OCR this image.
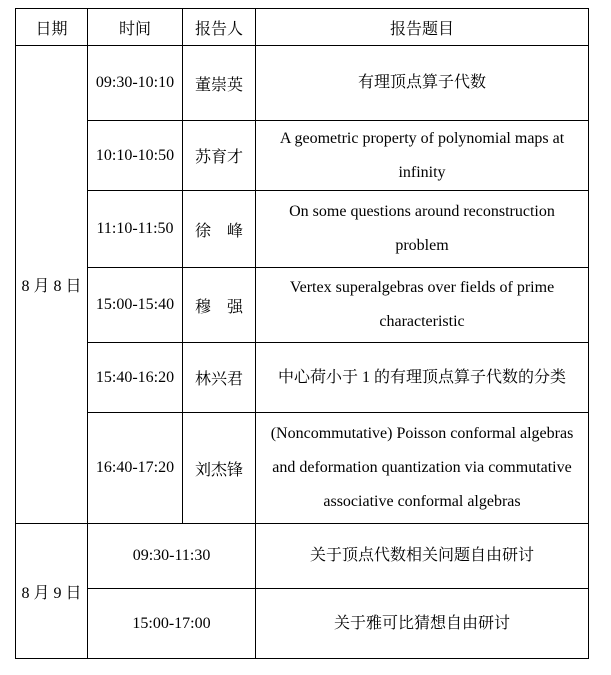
日期	时间	报告人	报告题目
8 月 8 日	09:30-10:10	董崇英	有理顶点算子代数
	10:10-10:50	苏育才	A geometric property of polynomial maps at infinity
	11:10-11:50	徐　峰	On some questions around reconstruction problem
	15:00-15:40	穆　强	Vertex superalgebras over fields of prime characteristic
	15:40-16:20	林兴君	中心荷小于 1 的有理顶点算子代数的分类
	16:40-17:20	刘杰锋	(Noncommutative) Poisson conformal algebras and deformation quantization via commutative associative conformal algebras
8 月 9 日	09:30-11:30		关于顶点代数相关问题自由研讨
	15:00-17:00		关于雅可比猜想自由研讨
